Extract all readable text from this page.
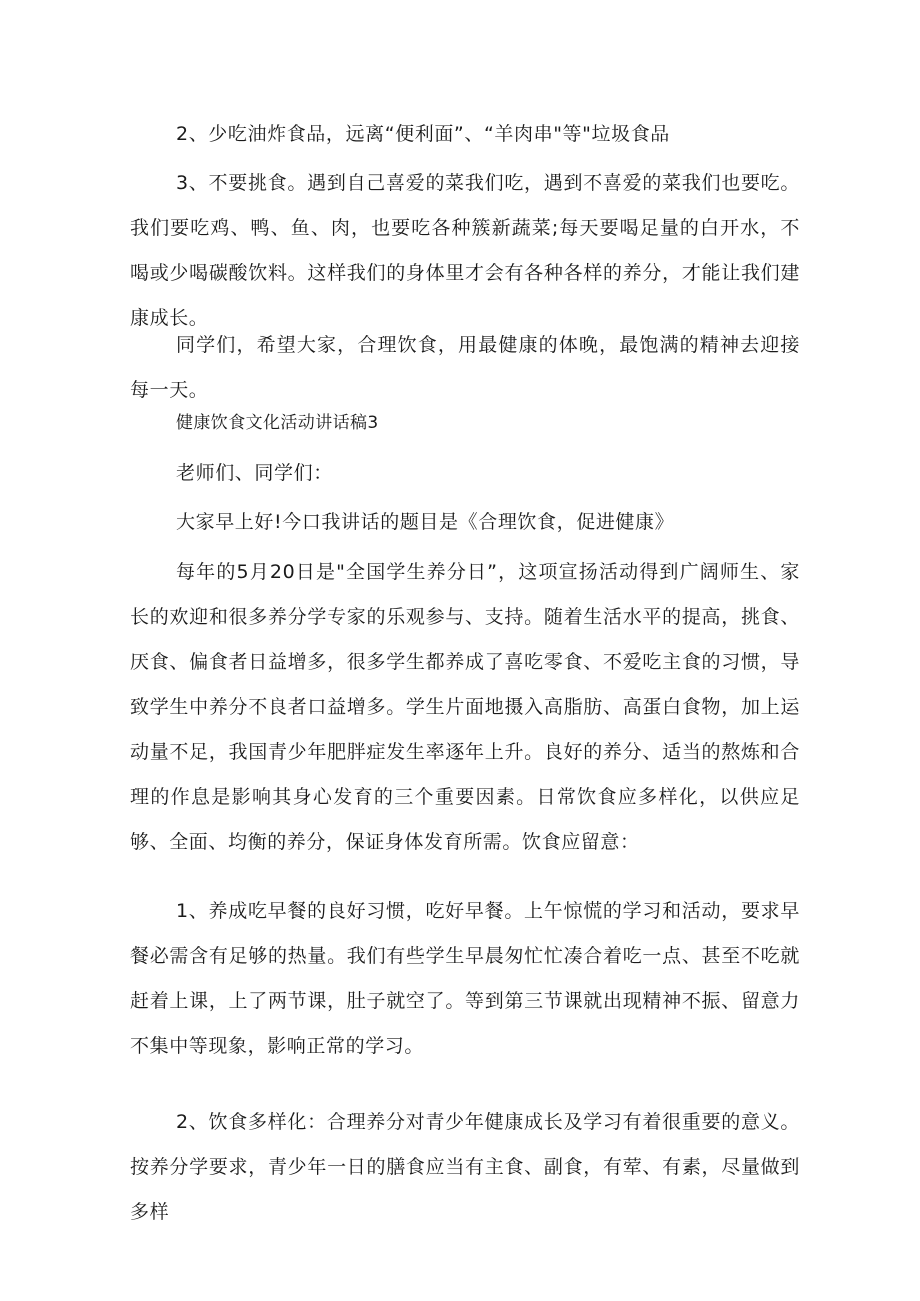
2、少吃油炸食品，远离“便利面”、“羊肉串"等"垃圾食品

3、不要挑食。遇到自己喜爱的菜我们吃，遇到不喜爱的菜我们也要吃。我们要吃鸡、鸭、鱼、肉，也要吃各种簇新蔬菜;每天要喝足量的白开水，不喝或少喝碳酸饮料。这样我们的身体里才会有各种各样的养分，才能让我们建康成长。

同学们，希望大家，合理饮食，用最健康的体晚，最饱满的精神去迎接每一天。

健康饮食文化活动讲话稿3

老师们、同学们：

大家早上好!今口我讲话的题目是《合理饮食，促进健康》

每年的5月20日是"全国学生养分日”，这项宣扬活动得到广阔师生、家长的欢迎和很多养分学专家的乐观参与、支持。随着生活水平的提高，挑食、厌食、偏食者日益增多，很多学生都养成了喜吃零食、不爱吃主食的习惯，导致学生中养分不良者口益增多。学生片面地摄入高脂肪、高蛋白食物，加上运动量不足，我国青少年肥胖症发生率逐年上升。良好的养分、适当的熬炼和合理的作息是影响其身心发育的三个重要因素。日常饮食应多样化，以供应足够、全面、均衡的养分，保证身体发育所需。饮食应留意：

1、养成吃早餐的良好习惯，吃好早餐。上午惊慌的学习和活动，要求早餐必需含有足够的热量。我们有些学生早晨匆忙忙凑合着吃一点、甚至不吃就赶着上课，上了两节课，肚子就空了。等到第三节课就出现精神不振、留意力不集中等现象，影响正常的学习。

2、饮食多样化：合理养分对青少年健康成长及学习有着很重要的意义。按养分学要求，青少年一日的膳食应当有主食、副食，有荤、有素，尽量做到多样
